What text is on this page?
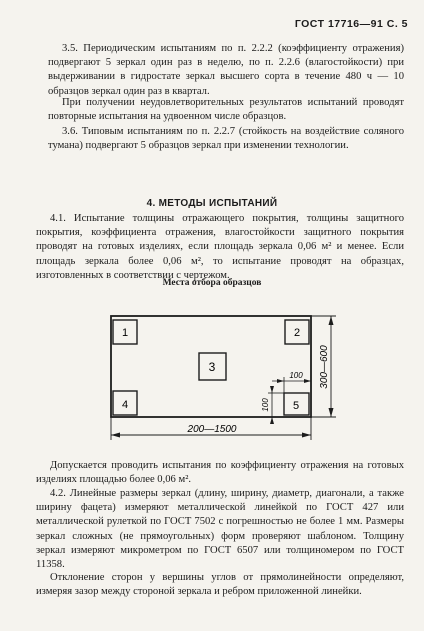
ГОСТ 17716—91 С. 5

3.5. Периодическим испытаниям по п. 2.2.2 (коэффициенту отражения) подвергают 5 зеркал один раз в неделю, по п. 2.2.6 (влагостойкости) при выдерживании в гидростате зеркал высшего сорта в течение 480 ч — 10 образцов зеркал один раз в квартал.

При получении неудовлетворительных результатов испытаний проводят повторные испытания на удвоенном числе образцов.

3.6. Типовым испытаниям по п. 2.2.7 (стойкость на воздействие соляного тумана) подвергают 5 образцов зеркал при изменении технологии.

4. МЕТОДЫ ИСПЫТАНИЙ

4.1. Испытание толщины отражающего покрытия, толщины защитного покрытия, коэффициента отражения, влагостойкости защитного покрытия проводят на готовых изделиях, если площадь зеркала 0,06 м² и менее. Если площадь зеркала более 0,06 м², то испытание проводят на образцах, изготовленных в соответствии с чертежом.

Места отбора образцов
1	2
3
4	5
200—1500
300—600
100
100

Допускается проводить испытания по коэффициенту отражения на готовых изделиях площадью более 0,06 м².

4.2. Линейные размеры зеркал (длину, ширину, диаметр, диагонали, а также ширину фацета) измеряют металлической линейкой по ГОСТ 427 или металлической рулеткой по ГОСТ 7502 с погрешностью не более 1 мм. Размеры зеркал сложных (не прямоугольных) форм проверяют шаблоном. Толщину зеркал измеряют микрометром по ГОСТ 6507 или толщиномером по ГОСТ 11358.

Отклонение сторон у вершины углов от прямолинейности определяют, измеряя зазор между стороной зеркала и ребром приложенной линейки.
